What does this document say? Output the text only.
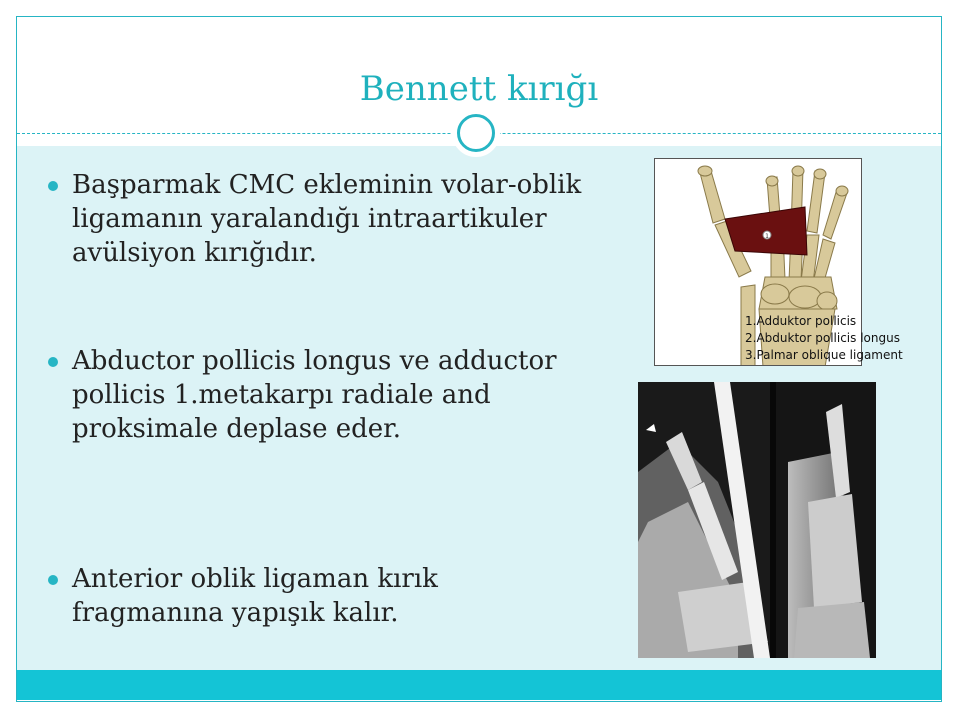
Bennett kırığı
Başparmak CMC ekleminin volar-oblik ligamanın yaralandığı intraartikuler avülsiyon kırığıdır.
Abductor pollicis longus ve adductor pollicis 1.metakarpı radiale and proksimale deplase eder.
Anterior oblik ligaman kırık fragmanına yapışık kalır.
1
1.Adduktor pollicis
2.Abduktor pollicis longus
3.Palmar oblique ligament
